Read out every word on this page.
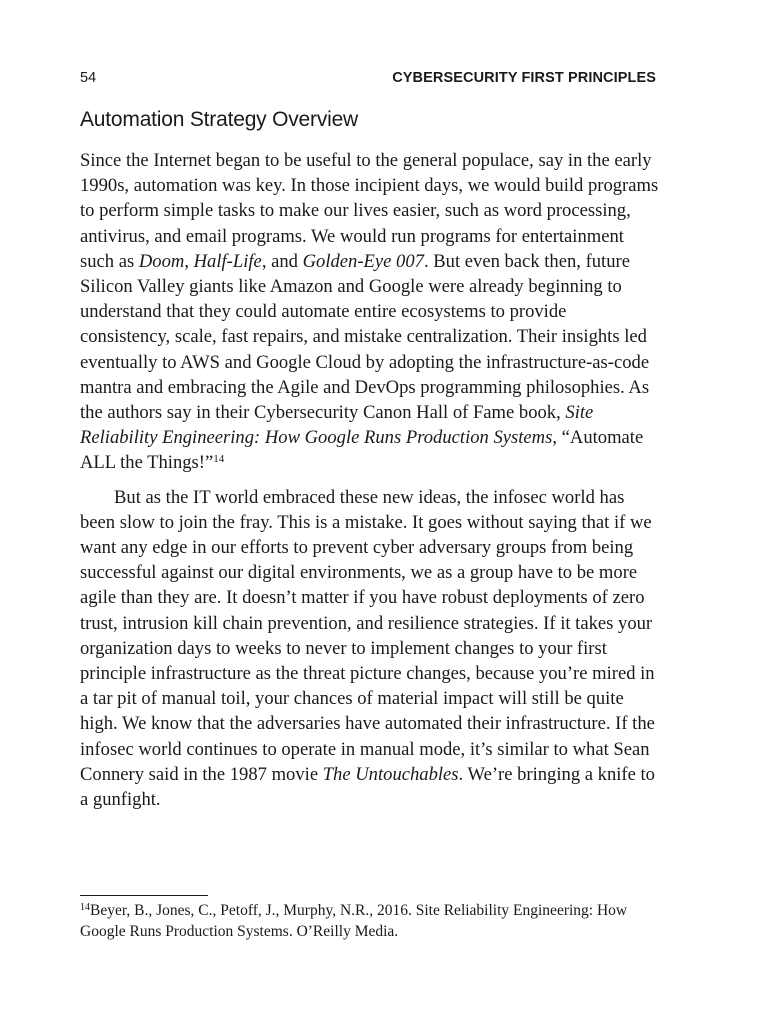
54	CYBERSECURITY FIRST PRINCIPLES
Automation Strategy Overview

Since the Internet began to be useful to the general populace, say in the early 1990s, automation was key. In those incipient days, we would build programs to perform simple tasks to make our lives easier, such as word processing, antivirus, and email programs. We would run programs for entertainment such as Doom, Half-Life, and Golden-Eye 007. But even back then, future Silicon Valley giants like Amazon and Google were already beginning to understand that they could automate entire ecosystems to provide consistency, scale, fast repairs, and mistake centralization. Their insights led eventually to AWS and Google Cloud by adopting the infrastructure-as-code mantra and embracing the Agile and DevOps programming philosophies. As the authors say in their Cybersecurity Canon Hall of Fame book, Site Reliability Engineering: How Google Runs Production Systems, “Automate ALL the Things!”$^{14}$

But as the IT world embraced these new ideas, the infosec world has been slow to join the fray. This is a mistake. It goes without saying that if we want any edge in our efforts to prevent cyber adversary groups from being successful against our digital environments, we as a group have to be more agile than they are. It doesn’t matter if you have robust deployments of zero trust, intrusion kill chain prevention, and resilience strategies. If it takes your organization days to weeks to never to implement changes to your first principle infrastructure as the threat picture changes, because you’re mired in a tar pit of manual toil, your chances of material impact will still be quite high. We know that the adversaries have automated their infrastructure. If the infosec world continues to operate in manual mode, it’s similar to what Sean Connery said in the 1987 movie The Untouchables. We’re bringing a knife to a gunfight.

$^{14}$Beyer, B., Jones, C., Petoff, J., Murphy, N.R., 2016. Site Reliability Engineering: How Google Runs Production Systems. O’Reilly Media.
